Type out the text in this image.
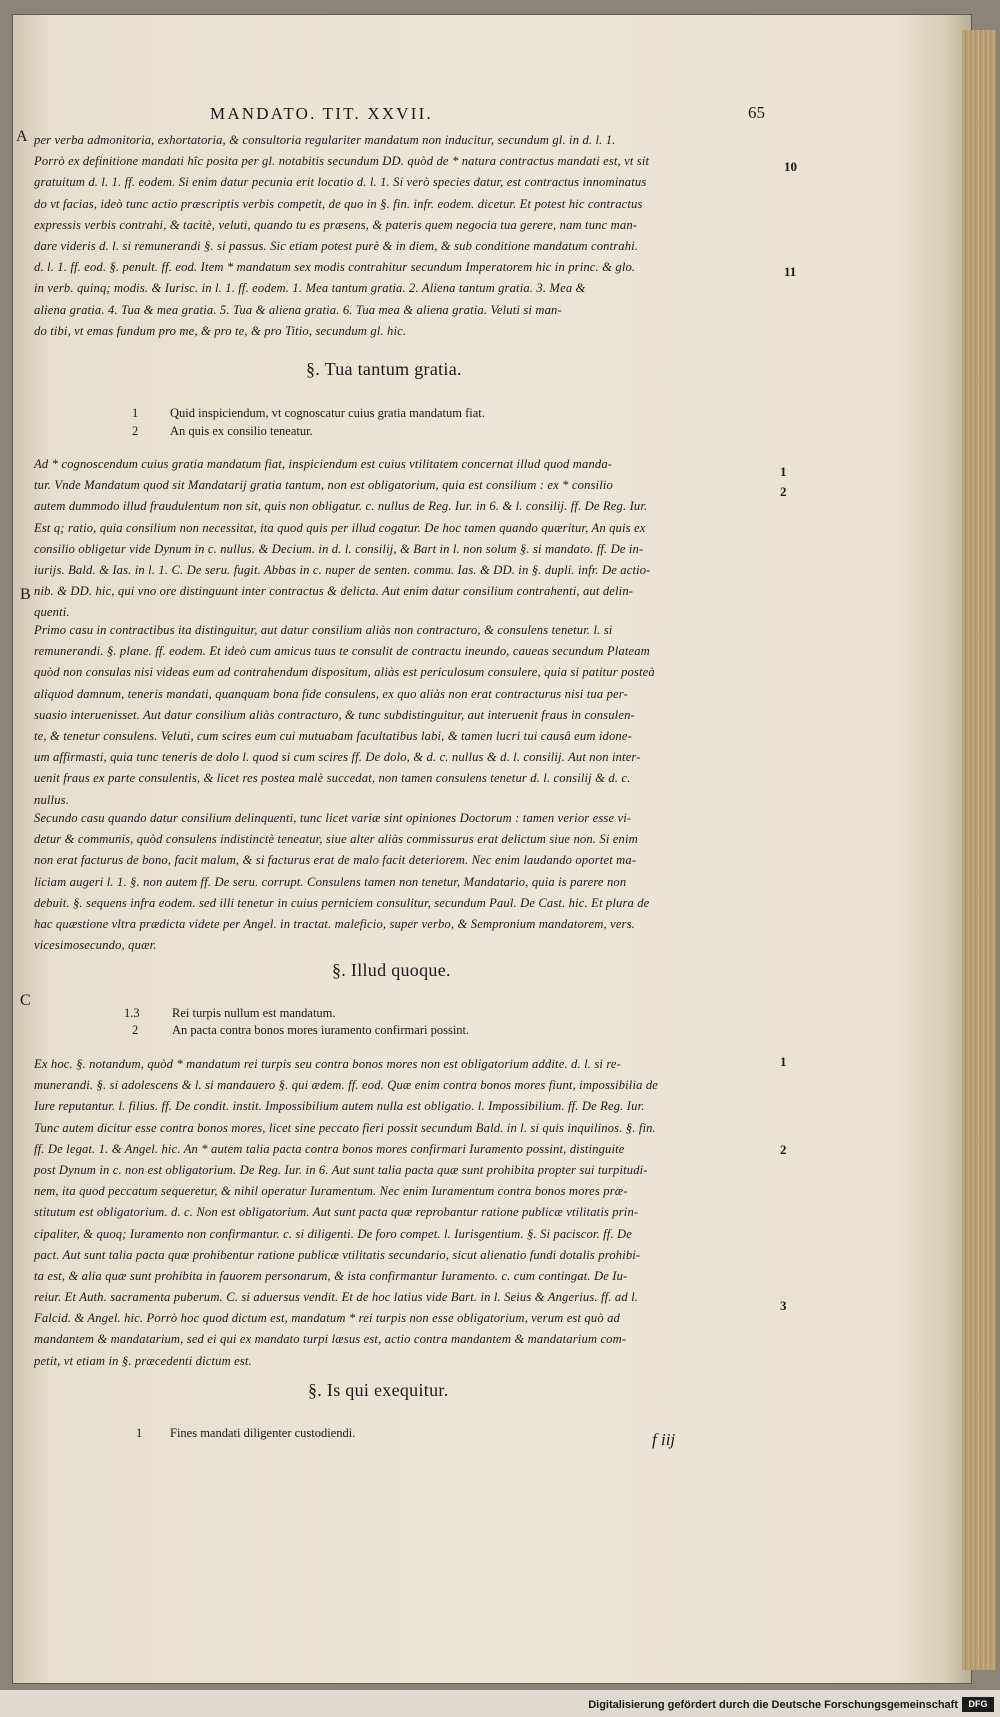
MANDATO. TIT. XXVII.	65
A
B
C
10
11
1
2
1
2
3
per verba admonitoria, exhortatoria, & consultoria regulariter mandatum non inducitur, secundum gl. in d. l. 1.
Porrò ex definitione mandati hîc posita per gl. notabitis secundum DD. quòd de * natura contractus mandati est, vt sit
gratuitum d. l. 1. ff. eodem. Si enim datur pecunia erit locatio d. l. 1. Si verò species datur, est contractus innominatus
do vt facias, ideò tunc actio præscriptis verbis competit, de quo in §. fin. infr. eodem. dicetur. Et potest hic contractus
expressis verbis contrahi, & tacitè, veluti, quando tu es præsens, & pateris quem negocia tua gerere, nam tunc man-
dare videris d. l. si remunerandi §. si passus. Sic etiam potest purè & in diem, & sub conditione mandatum contrahi.
d. l. 1. ff. eod. §. penult. ff. eod. Item * mandatum sex modis contrahitur secundum Imperatorem hic in princ. & glo.
in verb. quinq; modis. & Iurisc. in l. 1. ff. eodem. 1. Mea tantum gratia. 2. Aliena tantum gratia. 3. Mea &
aliena gratia. 4. Tua & mea gratia. 5. Tua & aliena gratia. 6. Tua mea & aliena gratia. Veluti si man-
do tibi, vt emas fundum pro me, & pro te, & pro Titio, secundum gl. hic.
§. Tua tantum gratia.
1	Quid inspiciendum, vt cognoscatur cuius gratia mandatum fiat.
2	An quis ex consilio teneatur.
Ad * cognoscendum cuius gratia mandatum fiat, inspiciendum est cuius vtilitatem concernat illud quod manda-
tur. Vnde Mandatum quod sit Mandatarij gratia tantum, non est obligatorium, quia est consilium : ex * consilio
autem dummodo illud fraudulentum non sit, quis non obligatur. c. nullus de Reg. Iur. in 6. & l. consilij. ff. De Reg. Iur.
Est q; ratio, quia consilium non necessitat, ita quod quis per illud cogatur. De hoc tamen quando quæritur, An quis ex
consilio obligetur vide Dynum in c. nullus. & Decium. in d. l. consilij, & Bart in l. non solum §. si mandato. ff. De in-
iurijs. Bald. & Ias. in l. 1. C. De seru. fugit. Abbas in c. nuper de senten. commu. Ias. & DD. in §. dupli. infr. De actio-
nib. & DD. hic, qui vno ore distinguunt inter contractus & delicta. Aut enim datur consilium contrahenti, aut delin-
quenti.
Primo casu in contractibus ita distinguitur, aut datur consilium aliàs non contracturo, & consulens tenetur. l. si
remunerandi. §. plane. ff. eodem. Et ideò cum amicus tuus te consulit de contractu ineundo, caueas secundum Plateam
quòd non consulas nisi videas eum ad contrahendum dispositum, aliàs est periculosum consulere, quia si patitur posteà
aliquod damnum, teneris mandati, quanquam bona fide consulens, ex quo aliàs non erat contracturus nisi tua per-
suasio interuenisset. Aut datur consilium aliàs contracturo, & tunc subdistinguitur, aut interuenit fraus in consulen-
te, & tenetur consulens. Veluti, cum scires eum cui mutuabam facultatibus labi, & tamen lucri tui causâ eum idone-
um affirmasti, quia tunc teneris de dolo l. quod si cum scires ff. De dolo, & d. c. nullus & d. l. consilij. Aut non inter-
uenit fraus ex parte consulentis, & licet res postea malè succedat, non tamen consulens tenetur d. l. consilij & d. c.
nullus.
Secundo casu quando datur consilium delinquenti, tunc licet variæ sint opiniones Doctorum : tamen verior esse vi-
detur & communis, quòd consulens indistinctè teneatur, siue alter aliàs commissurus erat delictum siue non. Si enim
non erat facturus de bono, facit malum, & si facturus erat de malo facit deteriorem. Nec enim laudando oportet ma-
liciam augeri l. 1. §. non autem ff. De seru. corrupt. Consulens tamen non tenetur, Mandatario, quia is parere non
debuit. §. sequens infra eodem. sed illi tenetur in cuius perniciem consulitur, secundum Paul. De Cast. hic. Et plura de
hac quæstione vltra prædicta videte per Angel. in tractat. maleficio, super verbo, & Sempronium mandatorem, vers.
vicesimosecundo, quær.
§. Illud quoque.
1.3	Rei turpis nullum est mandatum.
2	An pacta contra bonos mores iuramento confirmari possint.
Ex hoc. §. notandum, quòd * mandatum rei turpis seu contra bonos mores non est obligatorium addite. d. l. si re-
munerandi. §. si adolescens & l. si mandauero §. qui ædem. ff. eod. Quæ enim contra bonos mores fiunt, impossibilia de
Iure reputantur. l. filius. ff. De condit. instit. Impossibilium autem nulla est obligatio. l. Impossibilium. ff. De Reg. Iur.
Tunc autem dicitur esse contra bonos mores, licet sine peccato fieri possit secundum Bald. in l. si quis inquilinos. §. fin.
ff. De legat. 1. & Angel. hic. An * autem talia pacta contra bonos mores confirmari Iuramento possint, distinguite
post Dynum in c. non est obligatorium. De Reg. Iur. in 6. Aut sunt talia pacta quæ sunt prohibita propter sui turpitudi-
nem, ita quod peccatum sequeretur, & nihil operatur Iuramentum. Nec enim Iuramentum contra bonos mores præ-
stitutum est obligatorium. d. c. Non est obligatorium. Aut sunt pacta quæ reprobantur ratione publicæ vtilitatis prin-
cipaliter, & quoq; Iuramento non confirmantur. c. si diligenti. De foro compet. l. Iurisgentium. §. Si paciscor. ff. De
pact. Aut sunt talia pacta quæ prohibentur ratione publicæ vtilitatis secundario, sicut alienatio fundi dotalis prohibi-
ta est, & alia quæ sunt prohibita in fauorem personarum, & ista confirmantur Iuramento. c. cum contingat. De Iu-
reiur. Et Auth. sacramenta puberum. C. si aduersus vendit. Et de hoc latius vide Bart. in l. Seius & Angerius. ff. ad l.
Falcid. & Angel. hic. Porrò hoc quod dictum est, mandatum * rei turpis non esse obligatorium, verum est quò ad
mandantem & mandatarium, sed ei qui ex mandato turpi læsus est, actio contra mandantem & mandatarium com-
petit, vt etiam in §. præcedenti dictum est.
§. Is qui exequitur.
1 Fines mandati diligenter custodiendi.	f iij
Digitalisierung gefördert durch die Deutsche Forschungsgemeinschaft	DFG
